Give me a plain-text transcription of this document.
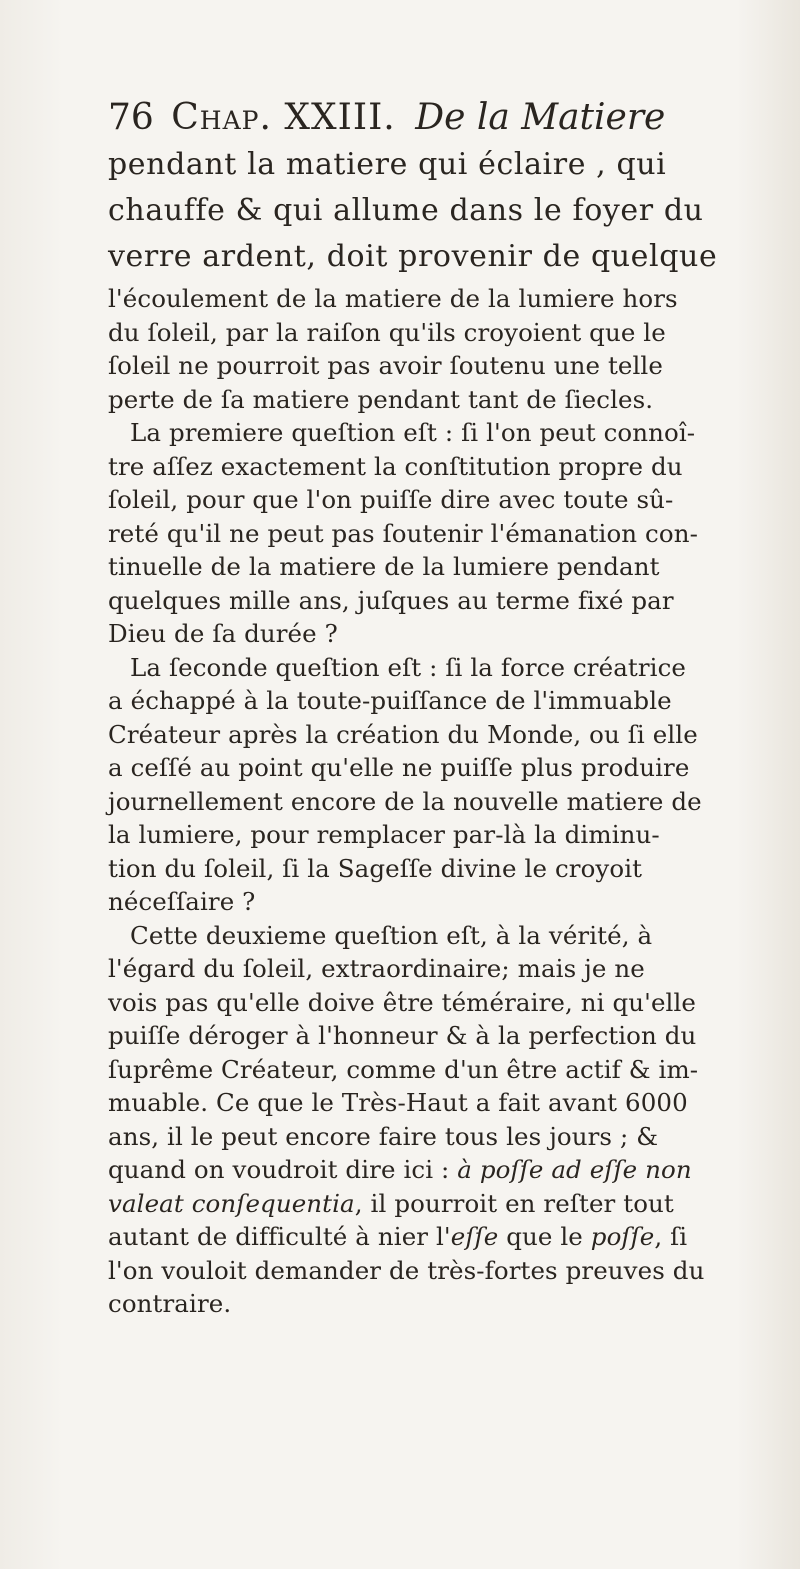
76 Chap. XXIII. De la Matiere
pendant la matiere qui éclaire , qui
chauffe & qui allume dans le foyer du
verre ardent, doit provenir de quelque
l'écoulement de la matiere de la lumiere hors
du ſoleil, par la raiſon qu'ils croyoient que le
ſoleil ne pourroit pas avoir ſoutenu une telle
perte de ſa matiere pendant tant de ſiecles.
La premiere queſtion eſt : ſi l'on peut connoî-
tre aſſez exactement la conſtitution propre du
ſoleil, pour que l'on puiſſe dire avec toute sû-
reté qu'il ne peut pas ſoutenir l'émanation con-
tinuelle de la matiere de la lumiere pendant
quelques mille ans, juſques au terme fixé par
Dieu de ſa durée ?
La ſeconde queſtion eſt : ſi la force créatrice
a échappé à la toute-puiſſance de l'immuable
Créateur après la création du Monde, ou ſi elle
a ceſſé au point qu'elle ne puiſſe plus produire
journellement encore de la nouvelle matiere de
la lumiere, pour remplacer par-là la diminu-
tion du ſoleil, ſi la Sageſſe divine le croyoit
néceſſaire ?
Cette deuxieme queſtion eſt, à la vérité, à
l'égard du ſoleil, extraordinaire; mais je ne
vois pas qu'elle doive être téméraire, ni qu'elle
puiſſe déroger à l'honneur & à la perfection du
ſuprême Créateur, comme d'un être actif & im-
muable. Ce que le Très-Haut a fait avant 6000
ans, il le peut encore faire tous les jours ; &
quand on voudroit dire ici : à poſſe ad eſſe non
valeat conſequentia, il pourroit en reſter tout
autant de difficulté à nier l'eſſe que le poſſe, ſi
l'on vouloit demander de très-fortes preuves du
contraire.
